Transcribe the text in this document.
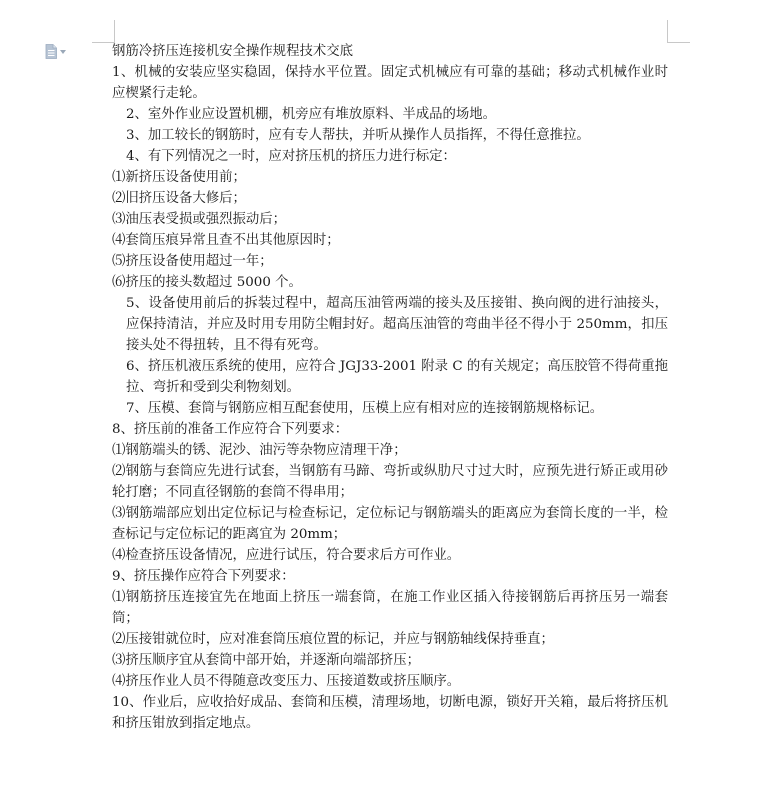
钢筋冷挤压连接机安全操作规程技术交底

1、机械的安装应坚实稳固，保持水平位置。固定式机械应有可靠的基础；移动式机械作业时应楔紧行走轮。

2、室外作业应设置机棚，机旁应有堆放原料、半成品的场地。

3、加工较长的钢筋时，应有专人帮扶，并听从操作人员指挥，不得任意推拉。

4、有下列情况之一时，应对挤压机的挤压力进行标定：

⑴新挤压设备使用前；

⑵旧挤压设备大修后；

⑶油压表受损或强烈振动后；

⑷套筒压痕异常且查不出其他原因时；

⑸挤压设备使用超过一年；

⑹挤压的接头数超过 5000 个。

5、设备使用前后的拆装过程中，超高压油管两端的接头及压接钳、换向阀的进行油接头，应保持清洁，并应及时用专用防尘帽封好。超高压油管的弯曲半径不得小于 250mm，扣压接头处不得扭转，且不得有死弯。

6、挤压机液压系统的使用，应符合 JGJ33-2001 附录 C 的有关规定；高压胶管不得荷重拖拉、弯折和受到尖利物刻划。

7、压模、套筒与钢筋应相互配套使用，压模上应有相对应的连接钢筋规格标记。

8、挤压前的准备工作应符合下列要求：

⑴钢筋端头的锈、泥沙、油污等杂物应清理干净；

⑵钢筋与套筒应先进行试套，当钢筋有马蹄、弯折或纵肋尺寸过大时，应预先进行矫正或用砂轮打磨；不同直径钢筋的套筒不得串用；

⑶钢筋端部应划出定位标记与检查标记，定位标记与钢筋端头的距离应为套筒长度的一半，检查标记与定位标记的距离宜为 20mm；

⑷检查挤压设备情况，应进行试压，符合要求后方可作业。

9、挤压操作应符合下列要求：

⑴钢筋挤压连接宜先在地面上挤压一端套筒，在施工作业区插入待接钢筋后再挤压另一端套筒；

⑵压接钳就位时，应对准套筒压痕位置的标记，并应与钢筋轴线保持垂直；

⑶挤压顺序宜从套筒中部开始，并逐渐向端部挤压；

⑷挤压作业人员不得随意改变压力、压接道数或挤压顺序。

10、作业后，应收拾好成品、套筒和压模，清理场地，切断电源，锁好开关箱，最后将挤压机和挤压钳放到指定地点。
